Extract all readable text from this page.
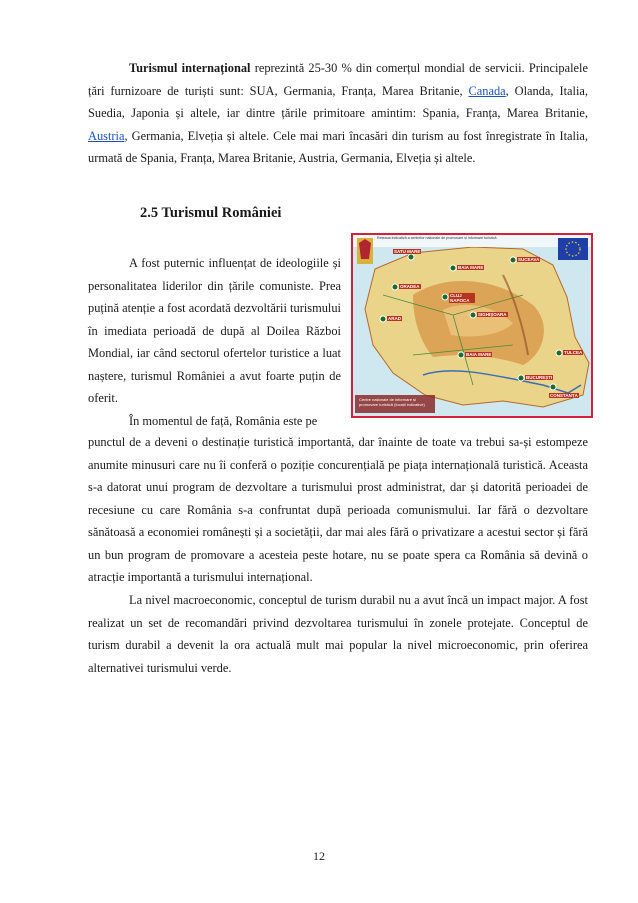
Turismul internațional reprezintă 25-30 % din comerțul mondial de servicii. Principalele țări furnizoare de turiști sunt: SUA, Germania, Franța, Marea Britanie, Canada, Olanda, Italia, Suedia, Japonia și altele, iar dintre țările primitoare amintim: Spania, Franța, Marea Britanie, Austria, Germania, Elveția și altele. Cele mai mari încasări din turism au fost înregistrate în Italia, urmată de Spania, Franța, Marea Britanie, Austria, Germania, Elveția și altele.

2.5 Turismul României

A fost puternic influențat de ideologiile și personalitatea liderilor din țările comuniste. Prea puțină atenție a fost acordată dezvoltării turismului în imediata perioadă de după al Doilea Război Mondial, iar când sectorul ofertelor turistice a luat naștere, turismul României a avut foarte puțin de oferit.
În momentul de față, România este pe

Rețeaua indicativă a centrelor naționale de promovare și informare turistică
Centre naționale de informare și promovare turistică (locații indicative)
SATU MARE
BAIA MARE
SUCEAVA
ORADEA
CLUJ NAPOCA
ARAD
SIGHIȘOARA
BAIA MARE	TULCEA
BUCUREȘTI
CONSTANȚA

punctul de a deveni o destinație turistică importantă, dar înainte de toate va trebui sa-și estompeze anumite minusuri care nu îi conferă o poziție concurențială pe piața internațională turistică. Aceasta s-a datorat unui program de dezvoltare a turismului prost administrat, dar și datorită perioadei de recesiune cu care România s-a confruntat după perioada comunismului. Iar fără o dezvoltare sănătoasă a economiei românești și a societății, dar mai ales fără o privatizare a acestui sector și fără un bun program de promovare a acesteia peste hotare, nu se poate spera ca România să devină o atracție importantă a turismului internațional.

La nivel macroeconomic, conceptul de turism durabil nu a avut încă un impact major. A fost realizat un set de recomandări privind dezvoltarea turismului în zonele protejate. Conceptul de turism durabil a devenit la ora actuală mult mai popular la nivel microeconomic, prin oferirea alternativei turismului verde.

12
